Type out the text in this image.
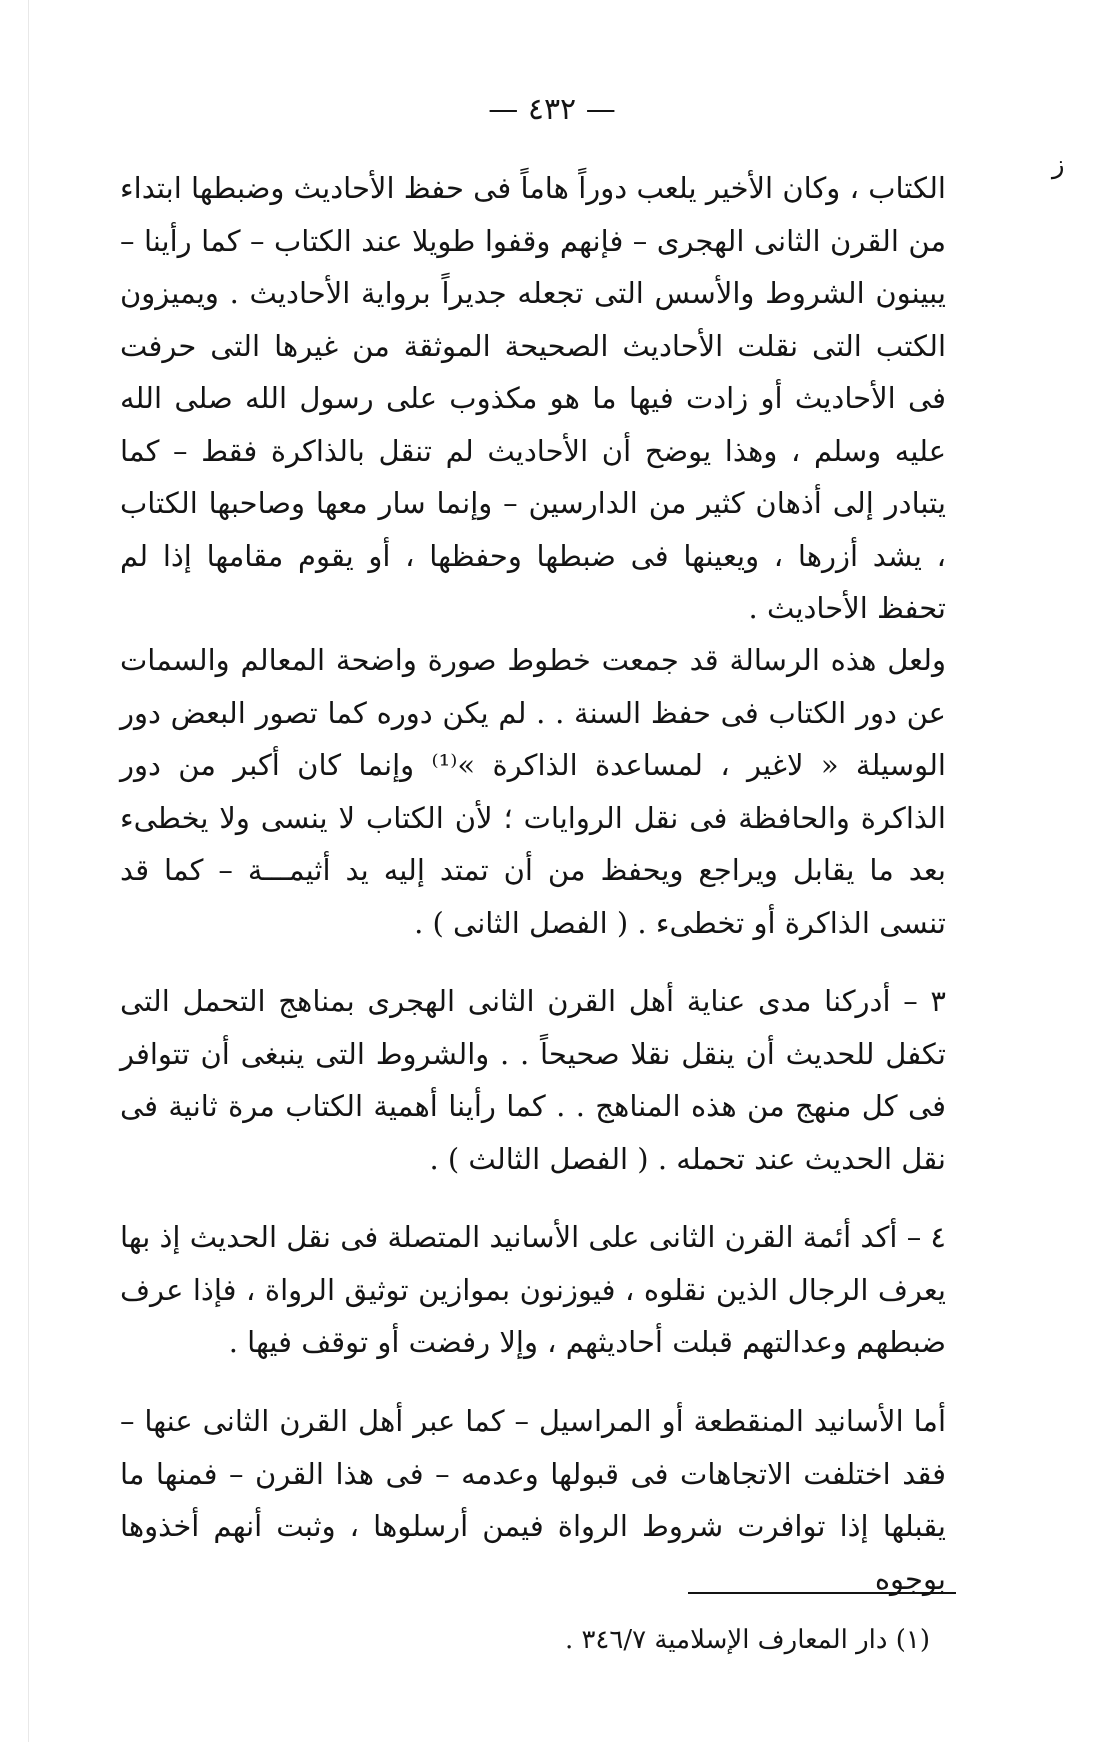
— ٤٣٢ —
ز

الكتاب ، وكان الأخير يلعب دوراً هاماً فى حفظ الأحاديث وضبطها ابتداء من القرن الثانى الهجرى – فإنهم وقفوا طويلا عند الكتاب – كما رأينا – يبينون الشروط والأسس التى تجعله جديراً برواية الأحاديث . ويميزون الكتب التى نقلت الأحاديث الصحيحة الموثقة من غيرها التى حرفت فى الأحاديث أو زادت فيها ما هو مكذوب على رسول الله صلى الله عليه وسلم ، وهذا يوضح أن الأحاديث لم تنقل بالذاكرة فقط – كما يتبادر إلى أذهان كثير من الدارسين – وإنما سار معها وصاحبها الكتاب ، يشد أزرها ، ويعينها فى ضبطها وحفظها ، أو يقوم مقامها إذا لم تحفظ الأحاديث .

ولعل هذه الرسالة قد جمعت خطوط صورة واضحة المعالم والسمات عن دور الكتاب فى حفظ السنة . . لم يكن دوره كما تصور البعض دور الوسيلة « لاغير ، لمساعدة الذاكرة »⁽¹⁾ وإنما كان أكبر من دور الذاكرة والحافظة فى نقل الروايات ؛ لأن الكتاب لا ينسى ولا يخطىء بعد ما يقابل ويراجع ويحفظ من أن تمتد إليه يد أثيمـــة – كما قد تنسى الذاكرة أو تخطىء . ( الفصل الثانى ) .

٣ – أدركنا مدى عناية أهل القرن الثانى الهجرى بمناهج التحمل التى تكفل للحديث أن ينقل نقلا صحيحاً . . والشروط التى ينبغى أن تتوافر فى كل منهج من هذه المناهج . . كما رأينا أهمية الكتاب مرة ثانية فى نقل الحديث عند تحمله . ( الفصل الثالث ) .

٤ – أكد أئمة القرن الثانى على الأسانيد المتصلة فى نقل الحديث إذ بها يعرف الرجال الذين نقلوه ، فيوزنون بموازين توثيق الرواة ، فإذا عرف ضبطهم وعدالتهم قبلت أحاديثهم ، وإلا رفضت أو توقف فيها .

أما الأسانيد المنقطعة أو المراسيل – كما عبر أهل القرن الثانى عنها – فقد اختلفت الاتجاهات فى قبولها وعدمه – فى هذا القرن – فمنها ما يقبلها إذا توافرت شروط الرواة فيمن أرسلوها ، وثبت أنهم أخذوها بوجوه

(١) دار المعارف الإسلامية ٣٤٦/٧ .
